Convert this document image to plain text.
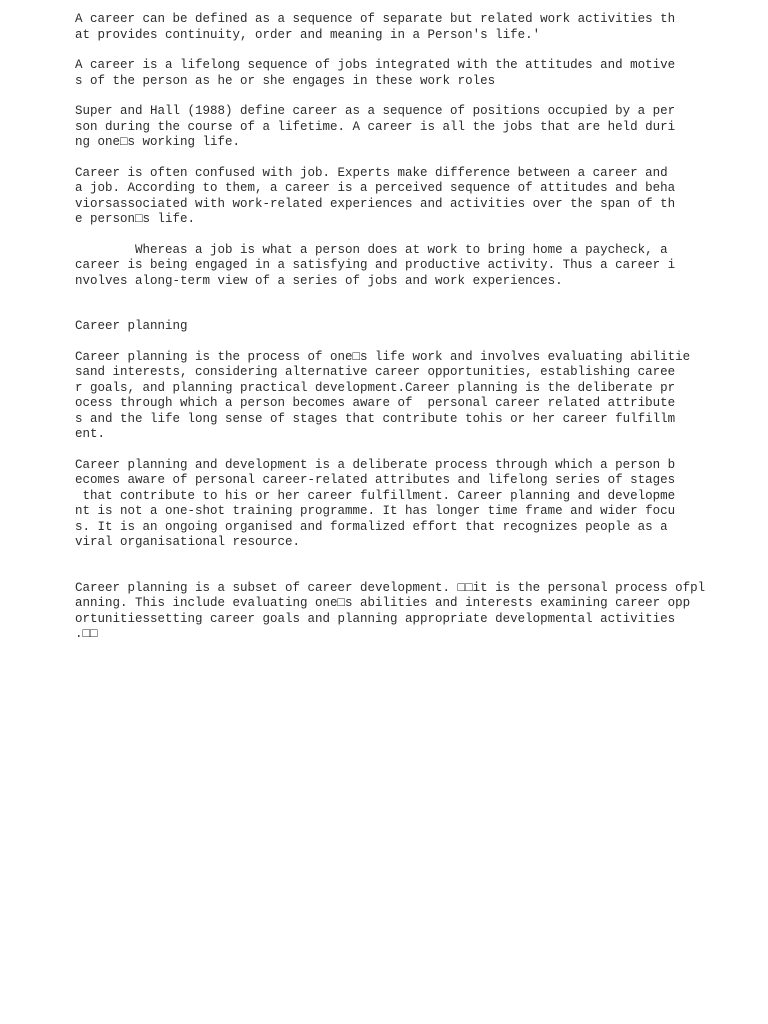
A career can be defined as a sequence of separate but related work activities th
at provides continuity, order and meaning in a Person's life.'
A career is a lifelong sequence of jobs integrated with the attitudes and motive
s of the person as he or she engages in these work roles
Super and Hall (1988) define career as a sequence of positions occupied by a per
son during the course of a lifetime. A career is all the jobs that are held duri
ng one□s working life.
Career is often confused with job. Experts make difference between a career and
a job. According to them, a career is a perceived sequence of attitudes and beha
viorsassociated with work-related experiences and activities over the span of th
e person□s life.
Whereas a job is what a person does at work to bring home a paycheck, a
career is being engaged in a satisfying and productive activity. Thus a career i
nvolves along-term view of a series of jobs and work experiences.
Career planning
Career planning is the process of one□s life work and involves evaluating abilitie
sand interests, considering alternative career opportunities, establishing caree
r goals, and planning practical development.Career planning is the deliberate pr
ocess through which a person becomes aware of  personal career related attribute
s and the life long sense of stages that contribute tohis or her career fulfillm
ent.
Career planning and development is a deliberate process through which a person b
ecomes aware of personal career-related attributes and lifelong series of stages
that contribute to his or her career fulfillment. Career planning and developme
nt is not a one-shot training programme. It has longer time frame and wider focu
s. It is an ongoing organised and formalized effort that recognizes people as a
viral organisational resource.
Career planning is a subset of career development. □□it is the personal process ofpl
anning. This include evaluating one□s abilities and interests examining career opp
ortunitiessetting career goals and planning appropriate developmental activities
.□□
